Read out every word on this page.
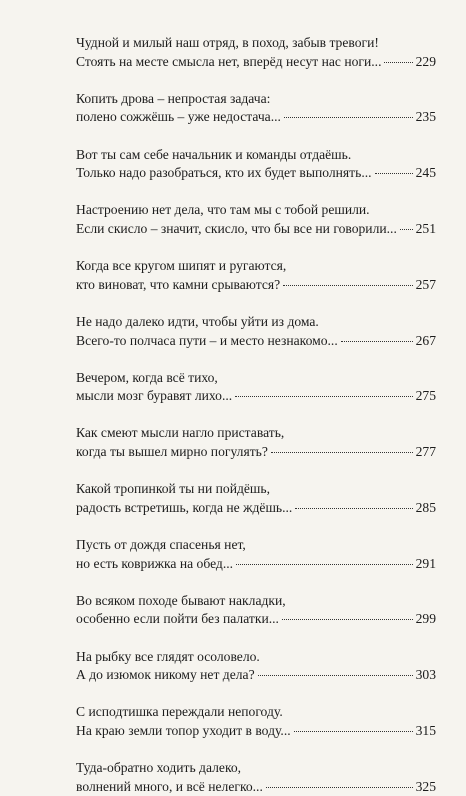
Чудной и милый наш отряд, в поход, забыв тревоги!
Стоять на месте смысла нет, вперёд несут нас ноги...	229
Копить дрова – непростая задача:
полено сожжёшь – уже недостача...	235
Вот ты сам себе начальник и команды отдаёшь.
Только надо разобраться, кто их будет выполнять...	245
Настроению нет дела, что там мы с тобой решили.
Если скисло – значит, скисло, что бы все ни говорили... 251
Когда все кругом шипят и ругаются,
кто виноват, что камни срываются?	257
Не надо далеко идти, чтобы уйти из дома.
Всего-то полчаса пути – и место незнакомо...	267
Вечером, когда всё тихо,
мысли мозг буравят лихо...	275
Как смеют мысли нагло приставать,
когда ты вышел мирно погулять?	277
Какой тропинкой ты ни пойдёшь,
радость встретишь, когда не ждёшь...	285
Пусть от дождя спасенья нет,
но есть коврижка на обед...	291
Во всяком походе бывают накладки,
особенно если пойти без палатки...	299
На рыбку все глядят осоловело.
А до изюмок никому нет дела?	303
С исподтишка переждали непогоду.
На краю земли топор уходит в воду...	315
Туда-обратно ходить далеко,
волнений много, и всё нелегко...	325
